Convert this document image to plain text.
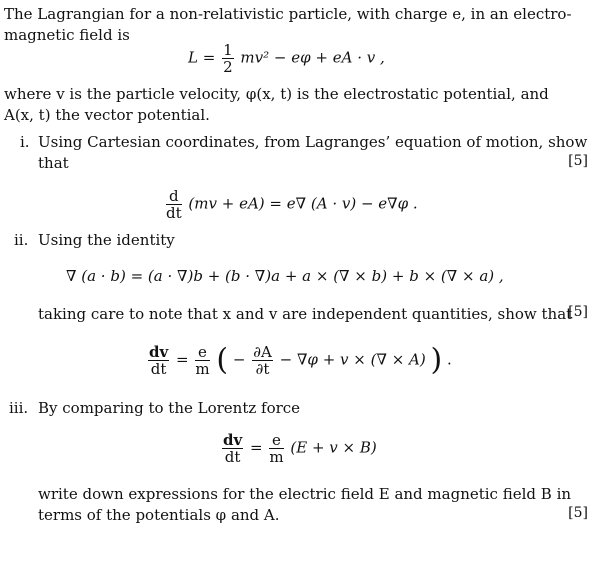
The Lagrangian for a non-relativistic particle, with charge e, in an electro-
magnetic field is
$L = \frac{1}{2} mv^2 - e\varphi$ + eA · v ,
where v is the particle velocity, φ(x, t) is the electrostatic potential, and
A(x, t) the vector potential.
i. Using Cartesian coordinates, from Lagranges’ equation of motion, show
that	[5]
$\frac{d}{dt} (mv + eA) = e\nabla$ (A · v) − e∇φ .
ii. Using the identity
∇ (a · b) = (a · ∇)b + (b · ∇)a + a × (∇ × b) + b × (∇ × a) ,
taking care to note that x and v are independent quantities, show that
[5]
$\frac{dv}{dt} = \frac{e}{m}$ ( − $\frac{\partial A}{\partial t} - \nabla\varphi + v$ × (∇ × A) ) .
iii. By comparing to the Lorentz force
$\frac{dv}{dt} = \frac{e}{m} (E + v \times B)$
write down expressions for the electric field E and magnetic field B in
terms of the potentials φ and A.	[5]
